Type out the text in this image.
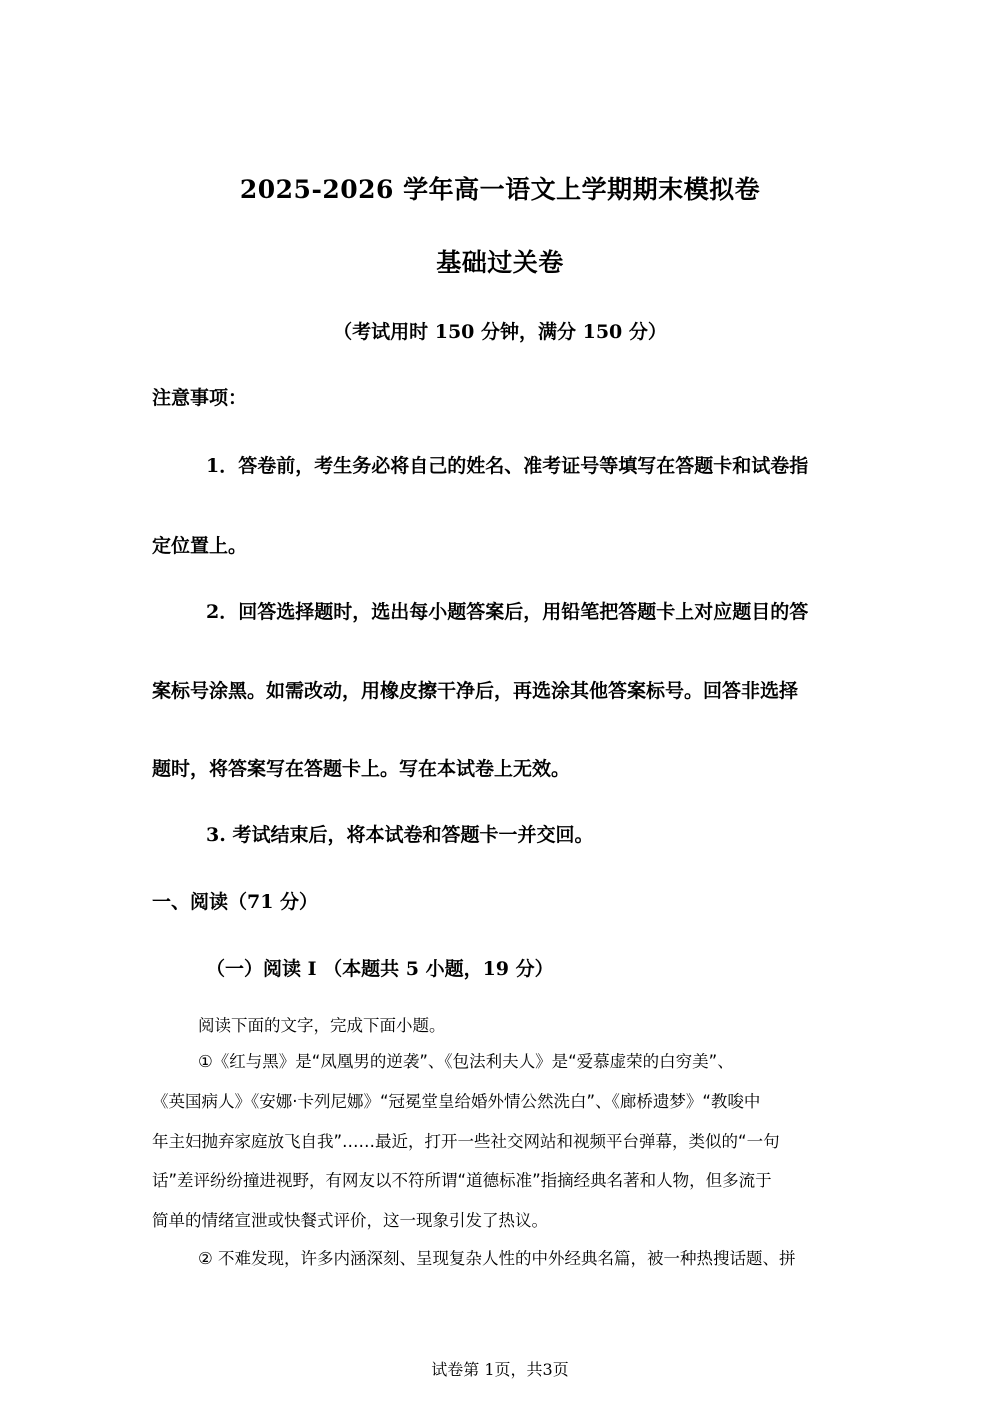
2025-2026 学年高一语文上学期期末模拟卷
基础过关卷
（考试用时 150 分钟，满分 150 分）
注意事项：
1．答卷前，考生务必将自己的姓名、准考证号等填写在答题卡和试卷指
定位置上。
2．回答选择题时，选出每小题答案后，用铅笔把答题卡上对应题目的答
案标号涂黑。如需改动，用橡皮擦干净后，再选涂其他答案标号。回答非选择
题时，将答案写在答题卡上。写在本试卷上无效。
3. 考试结束后，将本试卷和答题卡一并交回。
一、阅读（71 分）
（一）阅读 I （本题共 5 小题，19 分）
阅读下面的文字，完成下面小题。
①《红与黑》是“凤凰男的逆袭”、《包法利夫人》是“爱慕虚荣的白穷美”、
《英国病人》《安娜·卡列尼娜》“冠冕堂皇给婚外情公然洗白”、《廊桥遗梦》“教唆中
年主妇抛弃家庭放飞自我”……最近，打开一些社交网站和视频平台弹幕，类似的“一句
话”差评纷纷撞进视野，有网友以不符所谓“道德标准”指摘经典名著和人物，但多流于
简单的情绪宣泄或快餐式评价，这一现象引发了热议。
② 不难发现，许多内涵深刻、呈现复杂人性的中外经典名篇，被一种热搜话题、拼
试卷第 1页，共3页
